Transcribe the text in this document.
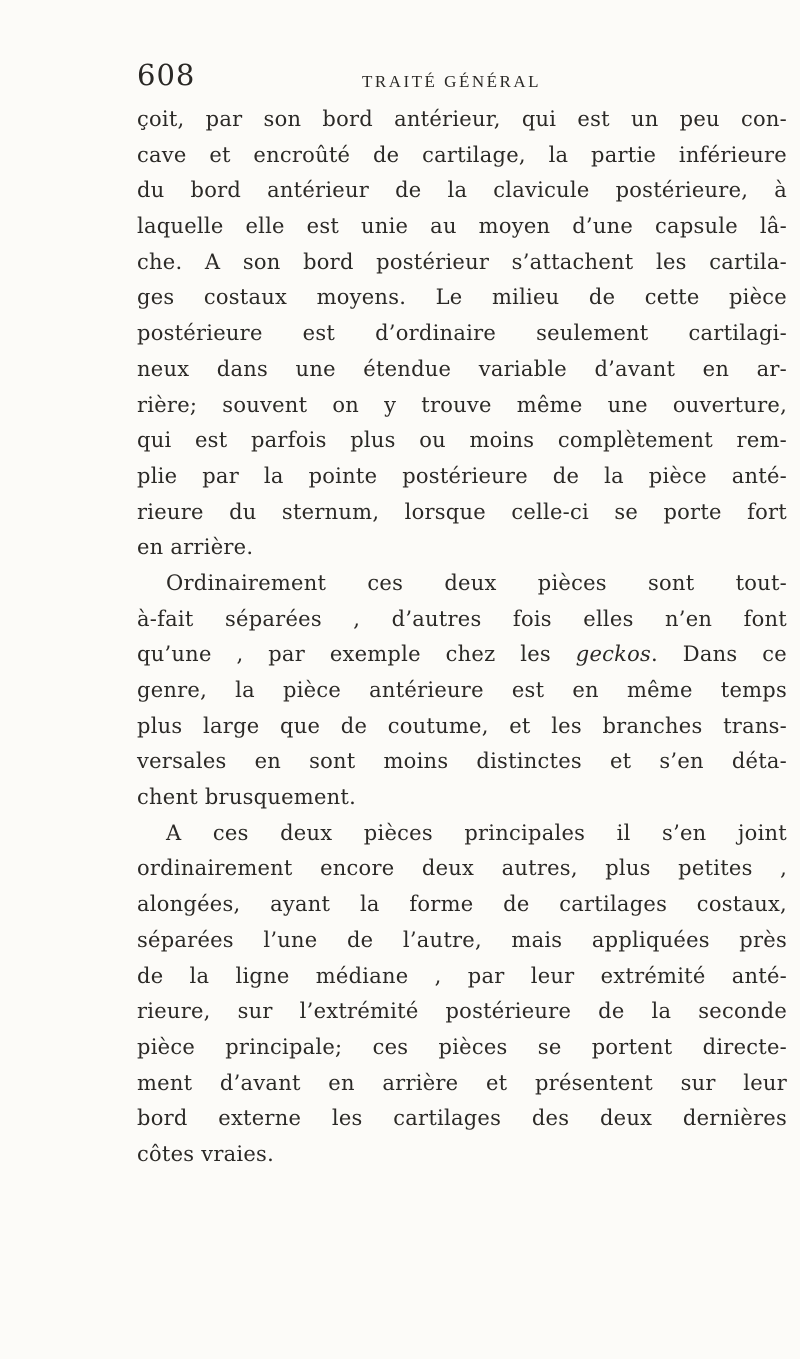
608	TRAITÉ GÉNÉRAL
çoit, par son bord antérieur, qui est un peu con-
cave et encroûté de cartilage, la partie inférieure
du bord antérieur de la clavicule postérieure, à
laquelle elle est unie au moyen d’une capsule lâ-
che. A son bord postérieur s’attachent les cartila-
ges costaux moyens. Le milieu de cette pièce
postérieure est d’ordinaire seulement cartilagi-
neux dans une étendue variable d’avant en ar-
rière; souvent on y trouve même une ouverture,
qui est parfois plus ou moins complètement rem-
plie par la pointe postérieure de la pièce anté-
rieure du sternum, lorsque celle-ci se porte fort
en arrière.
Ordinairement ces deux pièces sont tout-
à-fait séparées , d’autres fois elles n’en font
qu’une , par exemple chez les geckos. Dans ce
genre, la pièce antérieure est en même temps
plus large que de coutume, et les branches trans-
versales en sont moins distinctes et s’en déta-
chent brusquement.
A ces deux pièces principales il s’en joint
ordinairement encore deux autres, plus petites ,
alongées, ayant la forme de cartilages costaux,
séparées l’une de l’autre, mais appliquées près
de la ligne médiane , par leur extrémité anté-
rieure, sur l’extrémité postérieure de la seconde
pièce principale; ces pièces se portent directe-
ment d’avant en arrière et présentent sur leur
bord externe les cartilages des deux dernières
côtes vraies.
